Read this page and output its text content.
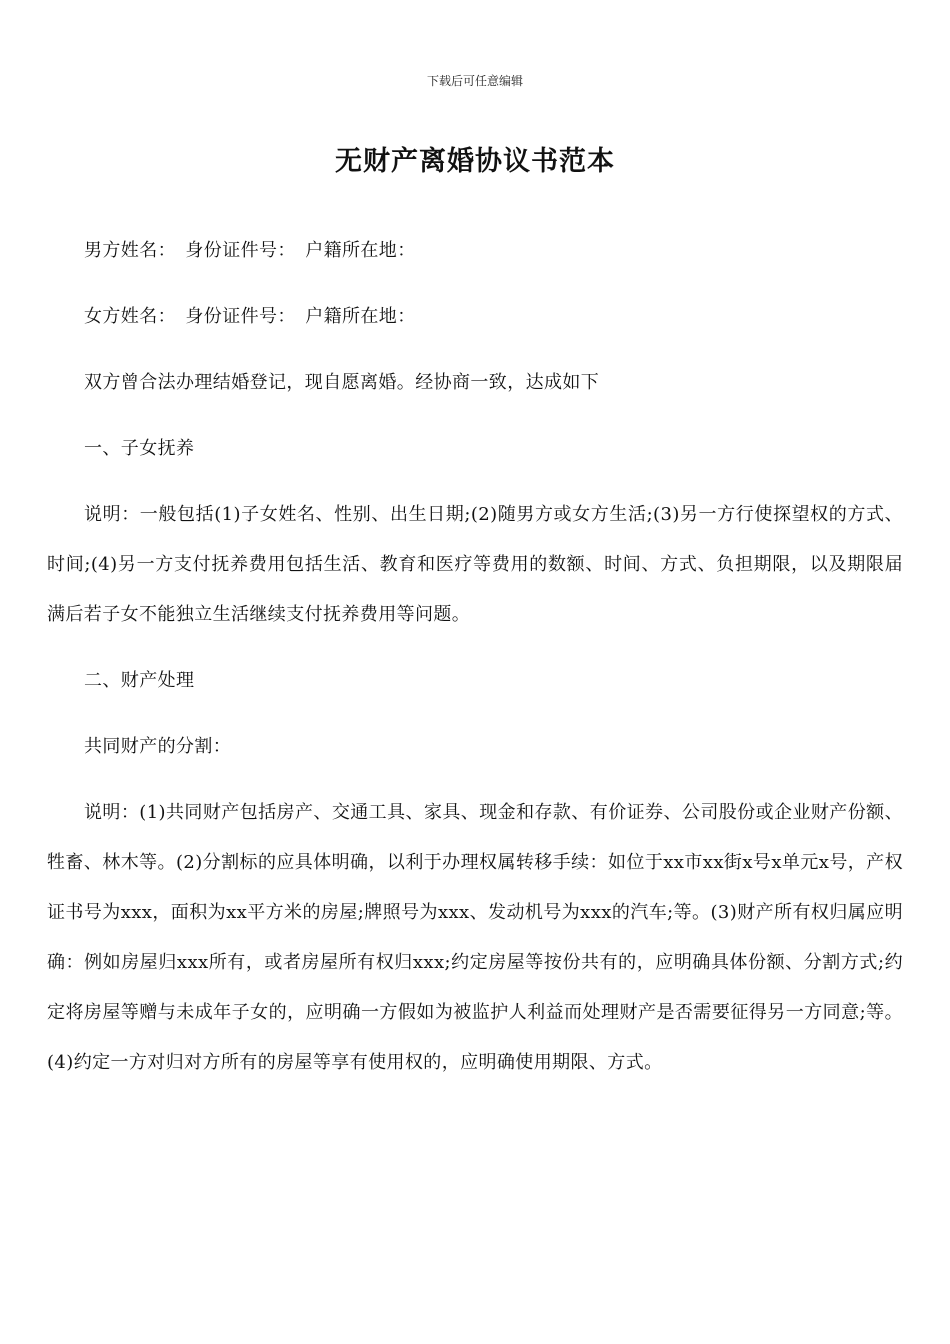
下载后可任意编辑
无财产离婚协议书范本

男方姓名：　身份证件号：　户籍所在地：

女方姓名：　身份证件号：　户籍所在地：

双方曾合法办理结婚登记，现自愿离婚。经协商一致，达成如下

一、子女抚养

说明：一般包括(1)子女姓名、性别、出生日期;(2)随男方或女方生活;(3)另一方行使探望权的方式、时间;(4)另一方支付抚养费用包括生活、教育和医疗等费用的数额、时间、方式、负担期限，以及期限届满后若子女不能独立生活继续支付抚养费用等问题。

二、财产处理

共同财产的分割：

说明：(1)共同财产包括房产、交通工具、家具、现金和存款、有价证券、公司股份或企业财产份额、牲畜、林木等。(2)分割标的应具体明确，以利于办理权属转移手续：如位于xx市xx街x号x单元x号，产权证书号为xxx，面积为xx平方米的房屋;牌照号为xxx、发动机号为xxx的汽车;等。(3)财产所有权归属应明确：例如房屋归xxx所有，或者房屋所有权归xxx;约定房屋等按份共有的，应明确具体份额、分割方式;约定将房屋等赠与未成年子女的，应明确一方假如为被监护人利益而处理财产是否需要征得另一方同意;等。(4)约定一方对归对方所有的房屋等享有使用权的，应明确使用期限、方式。
